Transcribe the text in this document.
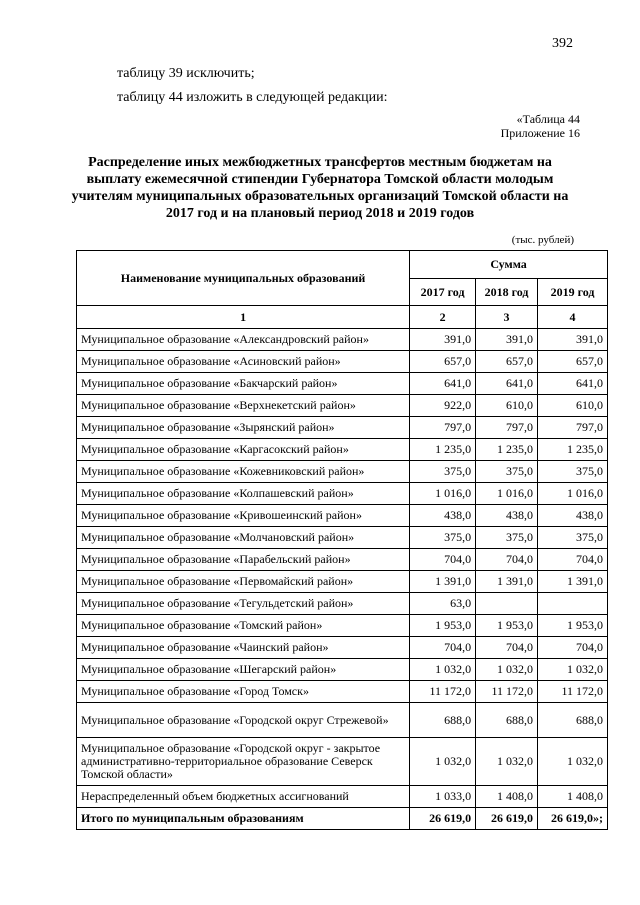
392
таблицу 39 исключить;
таблицу 44 изложить в следующей редакции:
«Таблица 44
Приложение 16
Распределение иных межбюджетных трансфертов местным бюджетам на выплату ежемесячной стипендии Губернатора Томской области молодым учителям муниципальных образовательных организаций Томской области на 2017 год и на плановый период 2018 и 2019 годов
(тыс. рублей)
Наименование муниципальных образований	Сумма		
	2017 год	2018 год	2019 год
1	2	3	4
Муниципальное образование «Александровский район»	391,0	391,0	391,0
Муниципальное образование «Асиновский район»	657,0	657,0	657,0
Муниципальное образование «Бакчарский район»	641,0	641,0	641,0
Муниципальное образование «Верхнекетский район»	922,0	610,0	610,0
Муниципальное образование «Зырянский район»	797,0	797,0	797,0
Муниципальное образование «Каргасокский район»	1 235,0	1 235,0	1 235,0
Муниципальное образование «Кожевниковский район»	375,0	375,0	375,0
Муниципальное образование «Колпашевский район»	1 016,0	1 016,0	1 016,0
Муниципальное образование «Кривошеинский район»	438,0	438,0	438,0
Муниципальное образование «Молчановский район»	375,0	375,0	375,0
Муниципальное образование «Парабельский район»	704,0	704,0	704,0
Муниципальное образование «Первомайский район»	1 391,0	1 391,0	1 391,0
Муниципальное образование «Тегульдетский район»	63,0		
Муниципальное образование «Томский район»	1 953,0	1 953,0	1 953,0
Муниципальное образование «Чаинский район»	704,0	704,0	704,0
Муниципальное образование «Шегарский район»	1 032,0	1 032,0	1 032,0
Муниципальное образование «Город Томск»	11 172,0	11 172,0	11 172,0
Муниципальное образование «Городской округ Стрежевой»	688,0	688,0	688,0
Муниципальное образование «Городской округ - закрытое административно-территориальное образование Северск Томской области»	1 032,0	1 032,0	1 032,0
Нераспределенный объем бюджетных ассигнований	1 033,0	1 408,0	1 408,0
Итого по муниципальным образованиям	26 619,0	26 619,0	26 619,0»;
